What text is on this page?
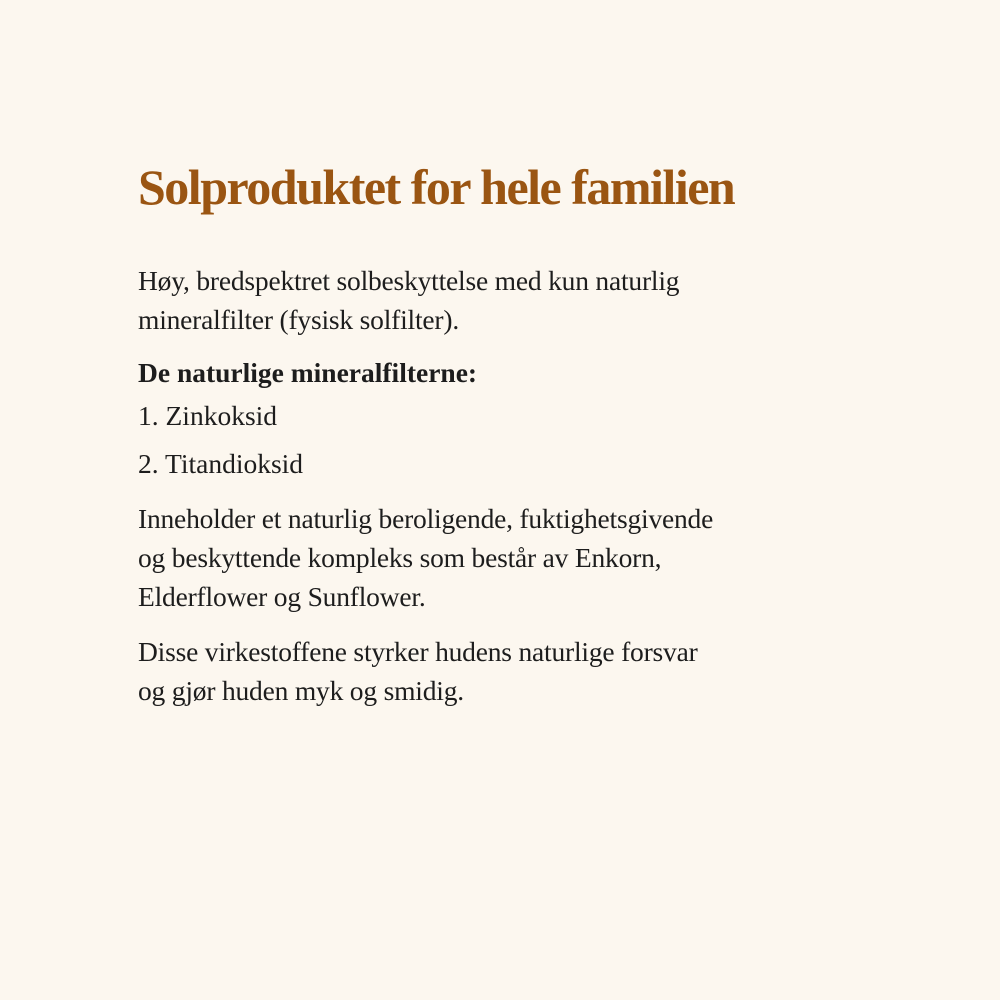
Solproduktet for hele familien

Høy, bredspektret solbeskyttelse med kun naturlig
mineralfilter (fysisk solfilter).

De naturlige mineralfilterne:

1. Zinkoksid
2. Titandioksid

Inneholder et naturlig beroligende, fuktighetsgivende
og beskyttende kompleks som består av Enkorn,
Elderflower og Sunflower.

Disse virkestoffene styrker hudens naturlige forsvar
og gjør huden myk og smidig.
